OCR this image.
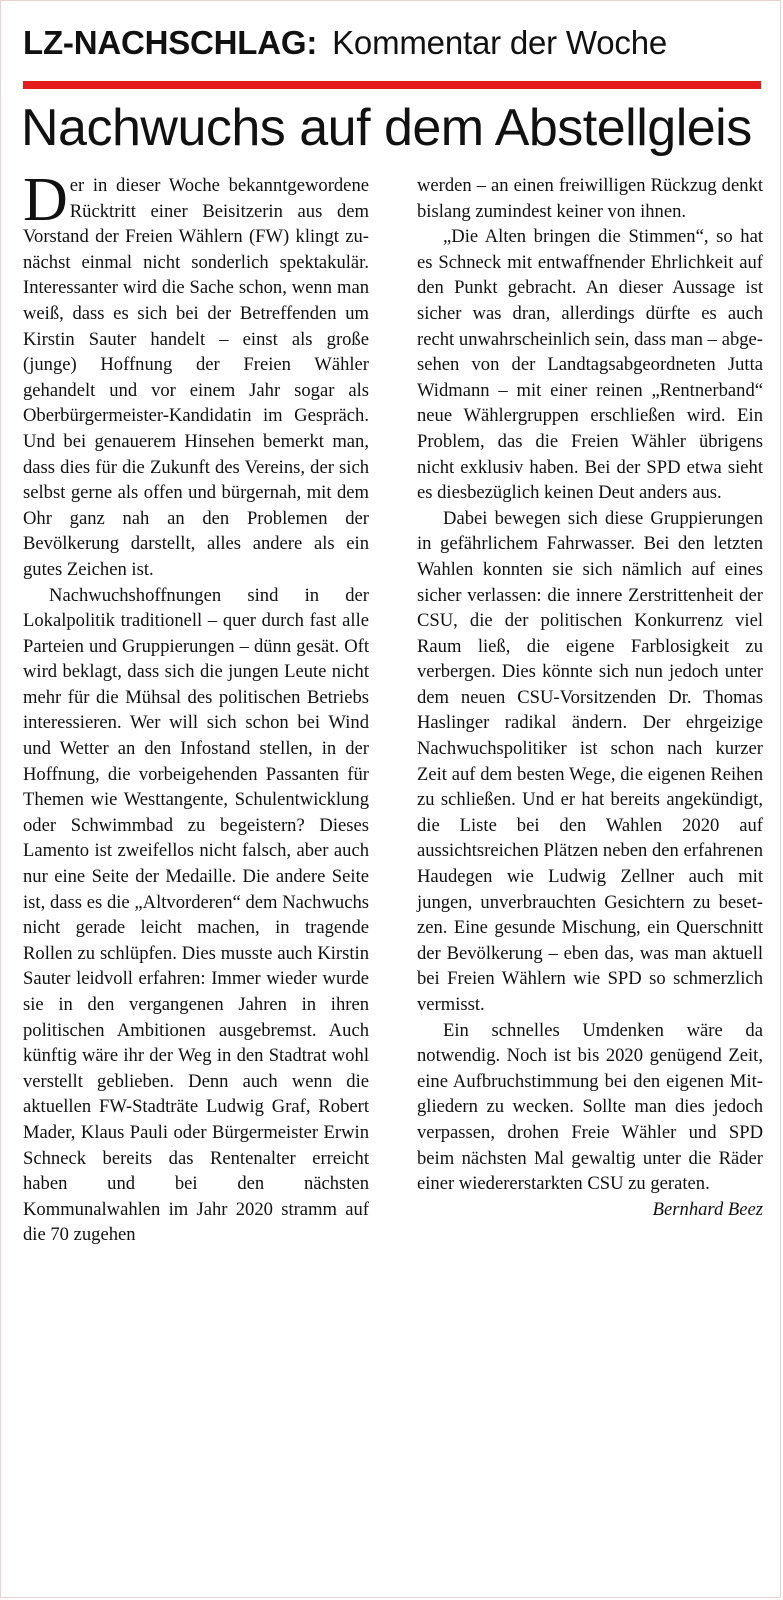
LZ-NACHSCHLAG: Kommentar der Woche
Nachwuchs auf dem Abstellgleis

Der in dieser Woche bekanntgewordene Rücktritt einer Beisitzerin aus dem Vorstand der Freien Wählern (FW) klingt zunächst einmal nicht sonderlich spektakulär. Interessanter wird die Sache schon, wenn man weiß, dass es sich bei der Betreffenden um Kirstin Sauter handelt – einst als große (junge) Hoffnung der Freien Wähler gehandelt und vor einem Jahr sogar als Oberbürgermeister-Kandidatin im Gespräch. Und bei genauerem Hinsehen bemerkt man, dass dies für die Zukunft des Vereins, der sich selbst gerne als offen und bürgernah, mit dem Ohr ganz nah an den Problemen der Bevölkerung darstellt, alles andere als ein gutes Zeichen ist.

Nachwuchshoffnungen sind in der Lokalpolitik traditionell – quer durch fast alle Parteien und Gruppierungen – dünn gesät. Oft wird beklagt, dass sich die jungen Leute nicht mehr für die Mühsal des politischen Betriebs interessieren. Wer will sich schon bei Wind und Wetter an den Infostand stellen, in der Hoffnung, die vorbeigehenden Passanten für Themen wie Westtangente, Schulentwicklung oder Schwimmbad zu begeistern? Dieses Lamento ist zweifellos nicht falsch, aber auch nur eine Seite der Medaille. Die andere Seite ist, dass es die „Altvorderen“ dem Nachwuchs nicht gerade leicht machen, in tragende Rollen zu schlüpfen. Dies musste auch Kirstin Sauter leidvoll erfahren: Immer wieder wurde sie in den vergangenen Jahren in ihren politischen Ambitionen ausgebremst. Auch künftig wäre ihr der Weg in den Stadtrat wohl verstellt geblieben. Denn auch wenn die aktuellen FW-Stadträte Ludwig Graf, Robert Mader, Klaus Pauli oder Bürgermeister Erwin Schneck bereits das Rentenalter erreicht haben und bei den nächsten Kommunalwahlen im Jahr 2020 stramm auf die 70 zugehen

werden – an einen freiwilligen Rückzug denkt bislang zumindest keiner von ihnen.

„Die Alten bringen die Stimmen“, so hat es Schneck mit entwaffnender Ehrlichkeit auf den Punkt gebracht. An dieser Aussage ist sicher was dran, allerdings dürfte es auch recht unwahrscheinlich sein, dass man – abgesehen von der Landtagsabgeordneten Jutta Widmann – mit einer reinen „Rentnerband“ neue Wählergruppen erschließen wird. Ein Problem, das die Freien Wähler übrigens nicht exklusiv haben. Bei der SPD etwa sieht es diesbezüglich keinen Deut anders aus.

Dabei bewegen sich diese Gruppierungen in gefährlichem Fahrwasser. Bei den letzten Wahlen konnten sie sich nämlich auf eines sicher verlassen: die innere Zerstrittenheit der CSU, die der politischen Konkurrenz viel Raum ließ, die eigene Farblosigkeit zu verbergen. Dies könnte sich nun jedoch unter dem neuen CSU-Vorsitzenden Dr. Thomas Haslinger radikal ändern. Der ehrgeizige Nachwuchspolitiker ist schon nach kurzer Zeit auf dem besten Wege, die eigenen Reihen zu schließen. Und er hat bereits angekündigt, die Liste bei den Wahlen 2020 auf aussichtsreichen Plätzen neben den erfahrenen Haudegen wie Ludwig Zellner auch mit jungen, unverbrauchten Gesichtern zu besetzen. Eine gesunde Mischung, ein Querschnitt der Bevölkerung – eben das, was man aktuell bei Freien Wählern wie SPD so schmerzlich vermisst.

Ein schnelles Umdenken wäre da notwendig. Noch ist bis 2020 genügend Zeit, eine Aufbruchstimmung bei den eigenen Mitgliedern zu wecken. Sollte man dies jedoch verpassen, drohen Freie Wähler und SPD beim nächsten Mal gewaltig unter die Räder einer wiedererstarkten CSU zu geraten.
Bernhard Beez
